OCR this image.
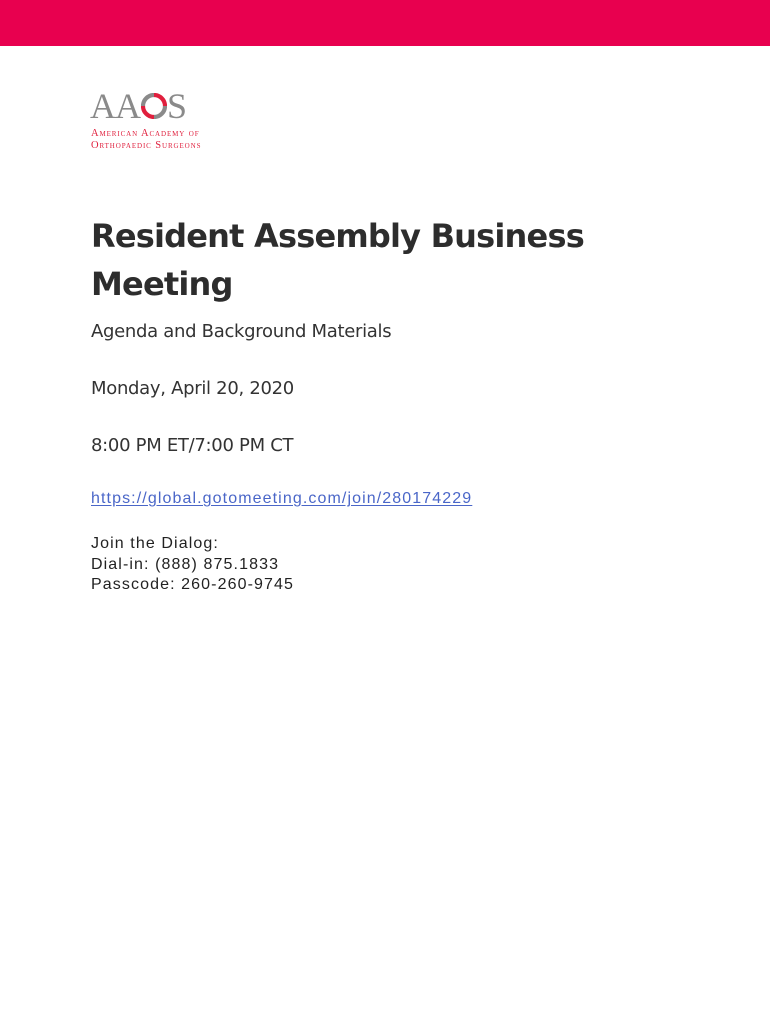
AA S
American Academy of
Orthopaedic Surgeons
Resident Assembly Business Meeting
Agenda and Background Materials
Monday, April 20, 2020
8:00 PM ET/7:00 PM CT
https://global.gotomeeting.com/join/280174229
Join the Dialog:
Dial-in: (888) 875.1833
Passcode: 260-260-9745
